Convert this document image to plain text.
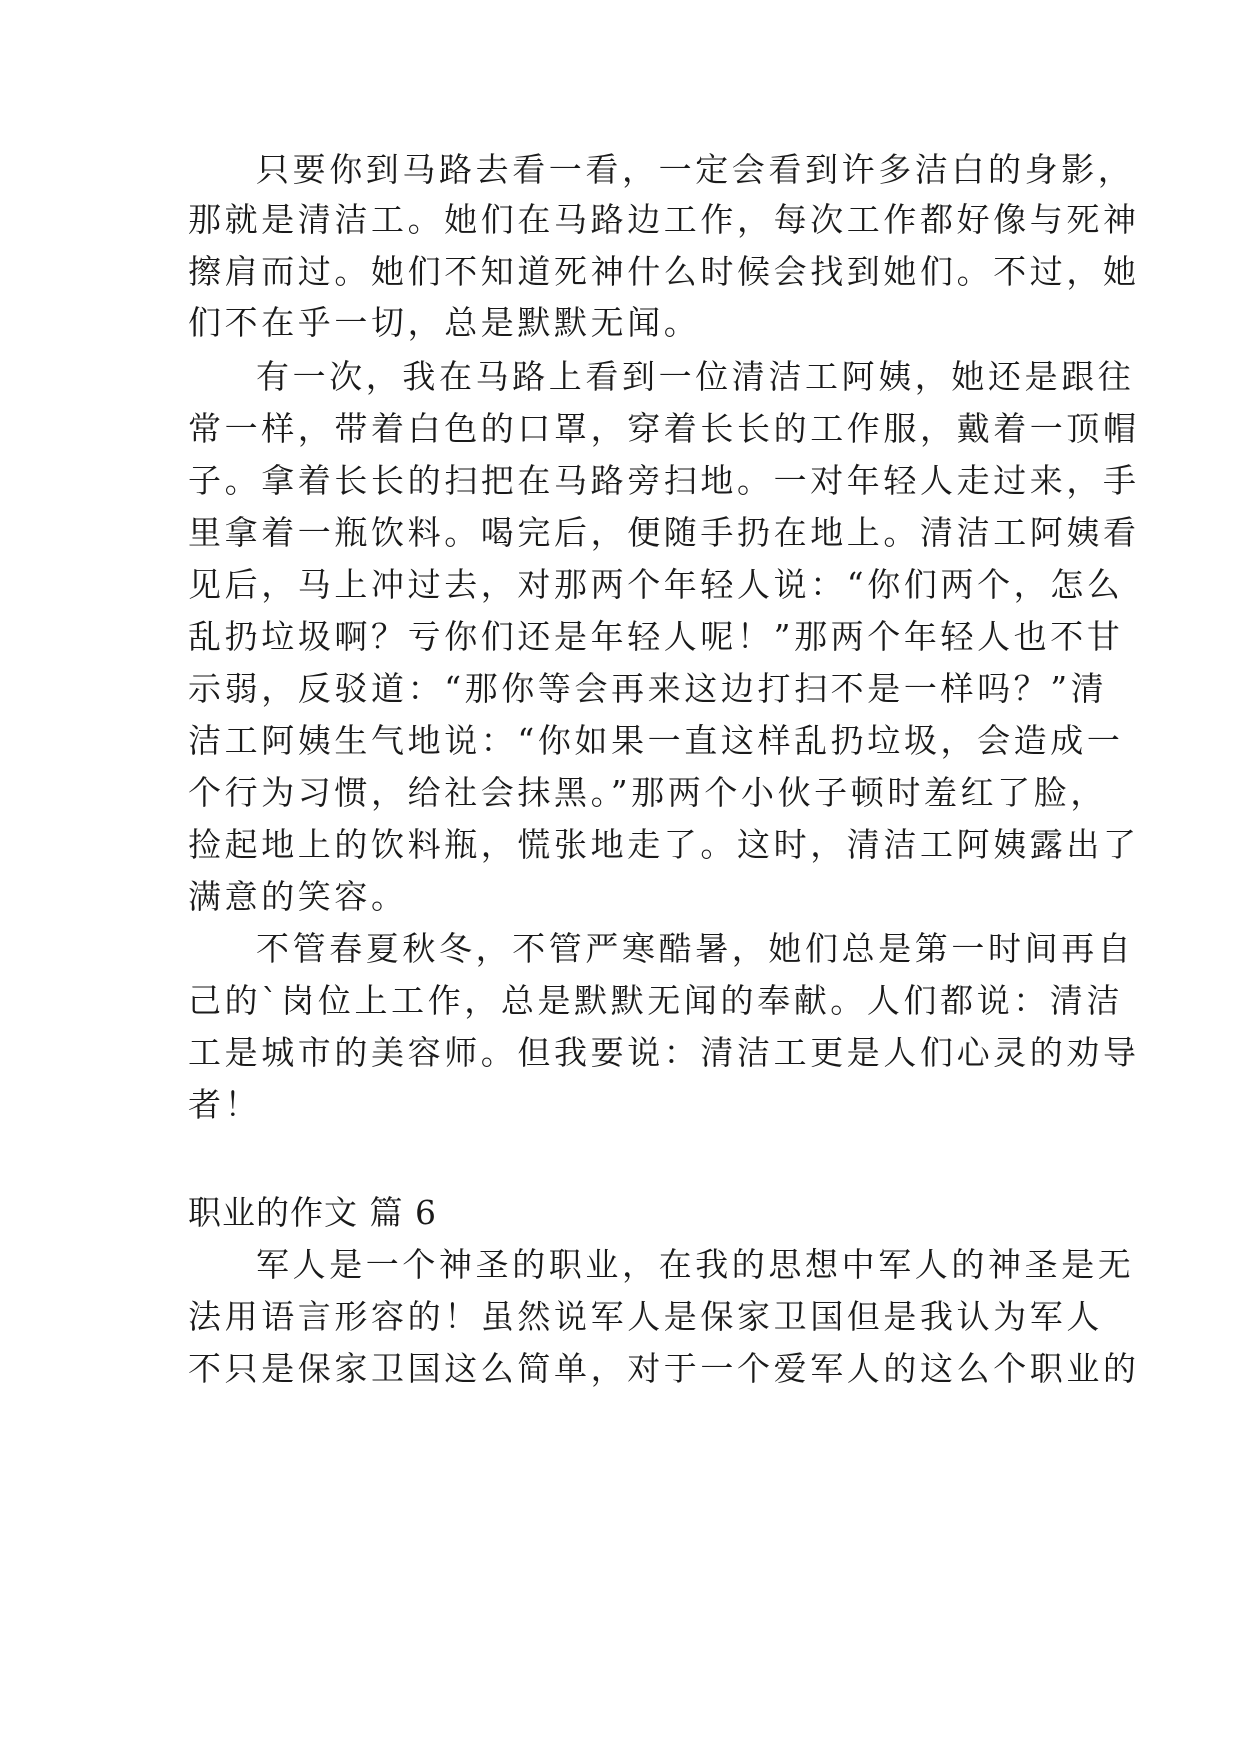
只要你到马路去看一看，一定会看到许多洁白的身影，
那就是清洁工。她们在马路边工作，每次工作都好像与死神
擦肩而过。她们不知道死神什么时候会找到她们。不过，她
们不在乎一切，总是默默无闻。
有一次，我在马路上看到一位清洁工阿姨，她还是跟往
常一样，带着白色的口罩，穿着长长的工作服，戴着一顶帽
子。拿着长长的扫把在马路旁扫地。一对年轻人走过来，手
里拿着一瓶饮料。喝完后，便随手扔在地上。清洁工阿姨看
见后，马上冲过去，对那两个年轻人说：“你们两个，怎么
乱扔垃圾啊？亏你们还是年轻人呢！”那两个年轻人也不甘
示弱，反驳道：“那你等会再来这边打扫不是一样吗？”清
洁工阿姨生气地说：“你如果一直这样乱扔垃圾，会造成一
个行为习惯，给社会抹黑。”那两个小伙子顿时羞红了脸，
捡起地上的饮料瓶，慌张地走了。这时，清洁工阿姨露出了
满意的笑容。
不管春夏秋冬，不管严寒酷暑，她们总是第一时间再自
己的`岗位上工作，总是默默无闻的奉献。人们都说：清洁
工是城市的美容师。但我要说：清洁工更是人们心灵的劝导
者！
职业的作文 篇 6
军人是一个神圣的职业，在我的思想中军人的神圣是无
法用语言形容的！虽然说军人是保家卫国但是我认为军人
不只是保家卫国这么简单，对于一个爱军人的这么个职业的
